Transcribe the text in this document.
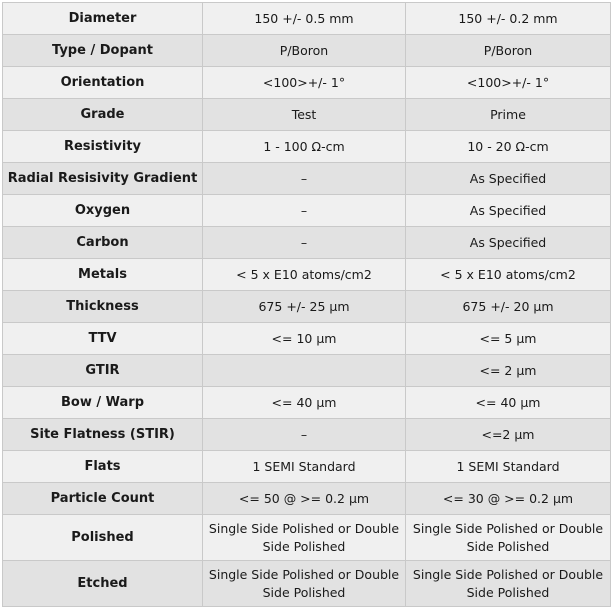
Diameter	150 +/- 0.5 mm	150 +/- 0.2 mm
Type / Dopant	P/Boron	P/Boron
Orientation	<100>+/- 1°	<100>+/- 1°
Grade	Test	Prime
Resistivity	1 - 100 Ω-cm	10 - 20 Ω-cm
Radial Resisivity Gradient	–	As Specified
Oxygen	–	As Specified
Carbon	–	As Specified
Metals	< 5 x E10 atoms/cm2	< 5 x E10 atoms/cm2
Thickness	675 +/- 25 µm	675 +/- 20 µm
TTV	<= 10 µm	<= 5 µm
GTIR		<= 2 µm
Bow / Warp	<= 40 µm	<= 40 µm
Site Flatness (STIR)	–	<=2 µm
Flats	1 SEMI Standard	1 SEMI Standard
Particle Count	<= 50 @ >= 0.2 µm	<= 30 @ >= 0.2 µm
Polished	Single Side Polished or Double Side Polished	Single Side Polished or Double Side Polished
Etched	Single Side Polished or Double Side Polished	Single Side Polished or Double Side Polished
